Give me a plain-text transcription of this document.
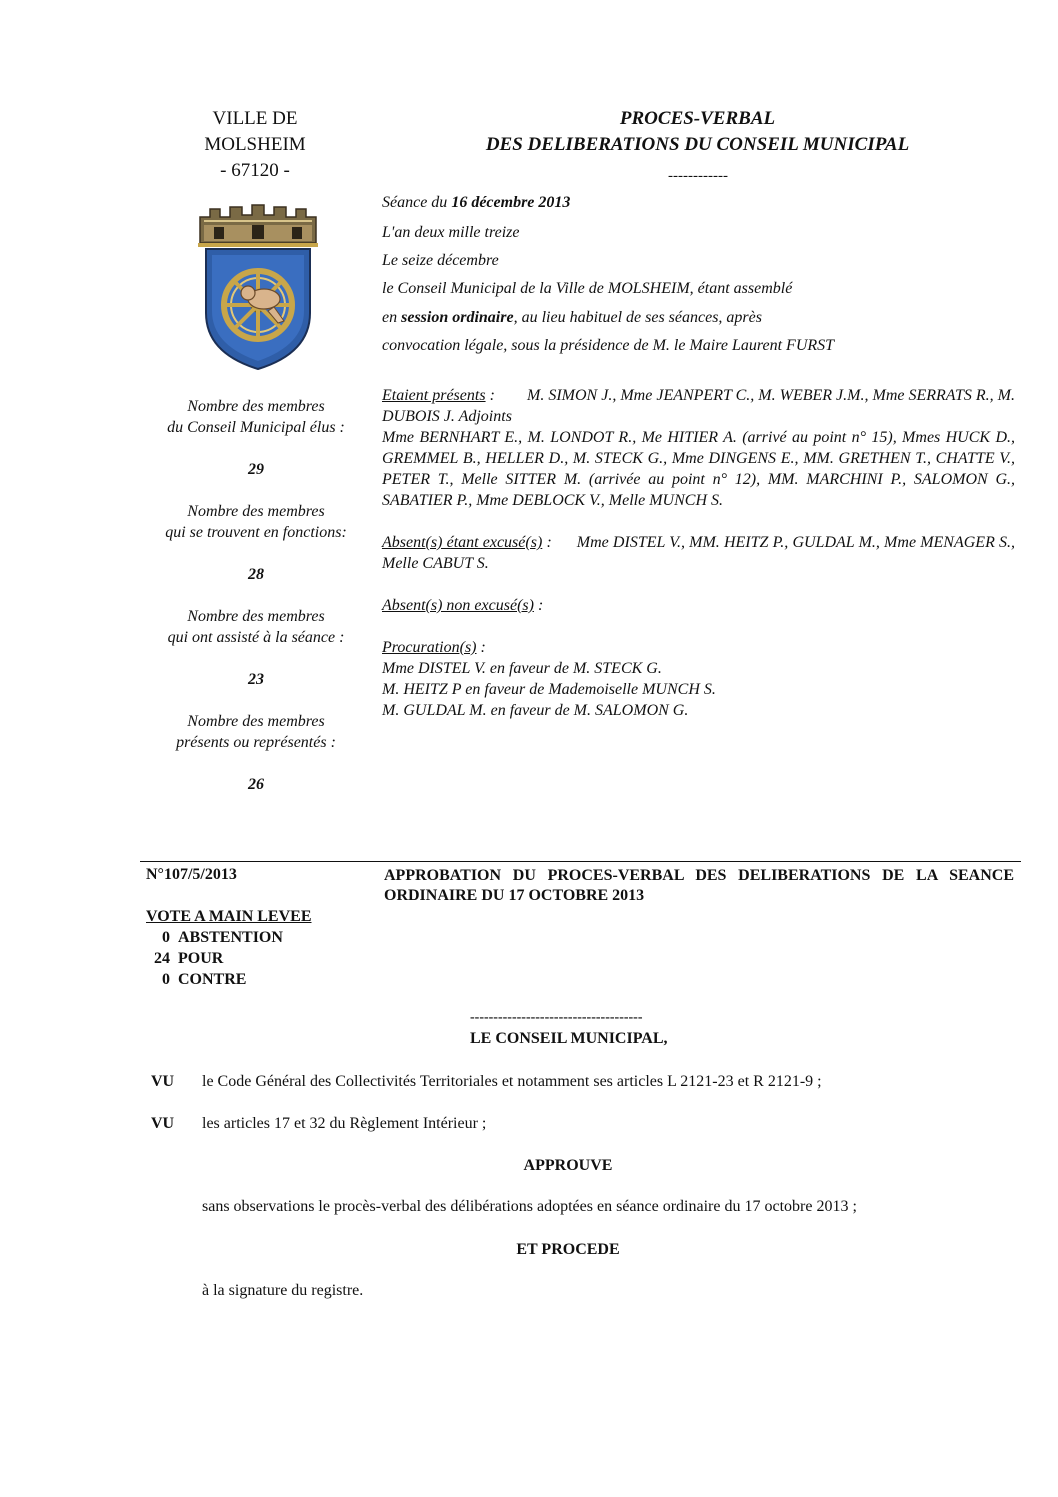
VILLE DE
MOLSHEIM
- 67120 -
PROCES-VERBAL
DES DELIBERATIONS DU CONSEIL MUNICIPAL
------------
Séance du 16 décembre 2013
L'an deux mille treize
Le seize décembre
le Conseil Municipal de la Ville de MOLSHEIM, étant assemblé
en session ordinaire, au lieu habituel de ses séances, après
convocation légale, sous la présidence de M. le Maire Laurent FURST
Nombre des membres
du Conseil Municipal élus :
29
Nombre des membres
qui se trouvent en fonctions:
28
Nombre des membres
qui ont assisté à la séance :
23
Nombre des membres
présents ou représentés :
26

Etaient présents : M. SIMON J., Mme JEANPERT C., M. WEBER J.M., Mme SERRATS R., M. DUBOIS J. Adjoints

Mme BERNHART E., M. LONDOT R., Me HITIER A. (arrivé au point n° 15), Mmes HUCK D., GREMMEL B., HELLER D., M. STECK G., Mme DINGENS E., MM. GRETHEN T., CHATTE V., PETER T., Melle SITTER M. (arrivée au point n° 12), MM. MARCHINI P., SALOMON G., SABATIER P., Mme DEBLOCK V., Melle MUNCH S.

Absent(s) étant excusé(s) : Mme DISTEL V., MM. HEITZ P., GULDAL M., Mme MENAGER S., Melle CABUT S.

Absent(s) non excusé(s) :

Procuration(s) :

Mme DISTEL V. en faveur de M. STECK G.

M. HEITZ P en faveur de Mademoiselle MUNCH S.

M. GULDAL M. en faveur de M. SALOMON G.

N°107/5/2013	APPROBATION DU PROCES-VERBAL DES DELIBERATIONS DE LA SEANCE ORDINAIRE DU 17 OCTOBRE 2013
VOTE A MAIN LEVEE
0 ABSTENTION
24 POUR
0 CONTRE
-------------------------------------
LE CONSEIL MUNICIPAL,
VU le Code Général des Collectivités Territoriales et notamment ses articles L 2121-23 et R 2121-9 ;
VU les articles 17 et 32 du Règlement Intérieur ;
APPROUVE
sans observations le procès-verbal des délibérations adoptées en séance ordinaire du 17 octobre 2013 ;
ET PROCEDE
à la signature du registre.
